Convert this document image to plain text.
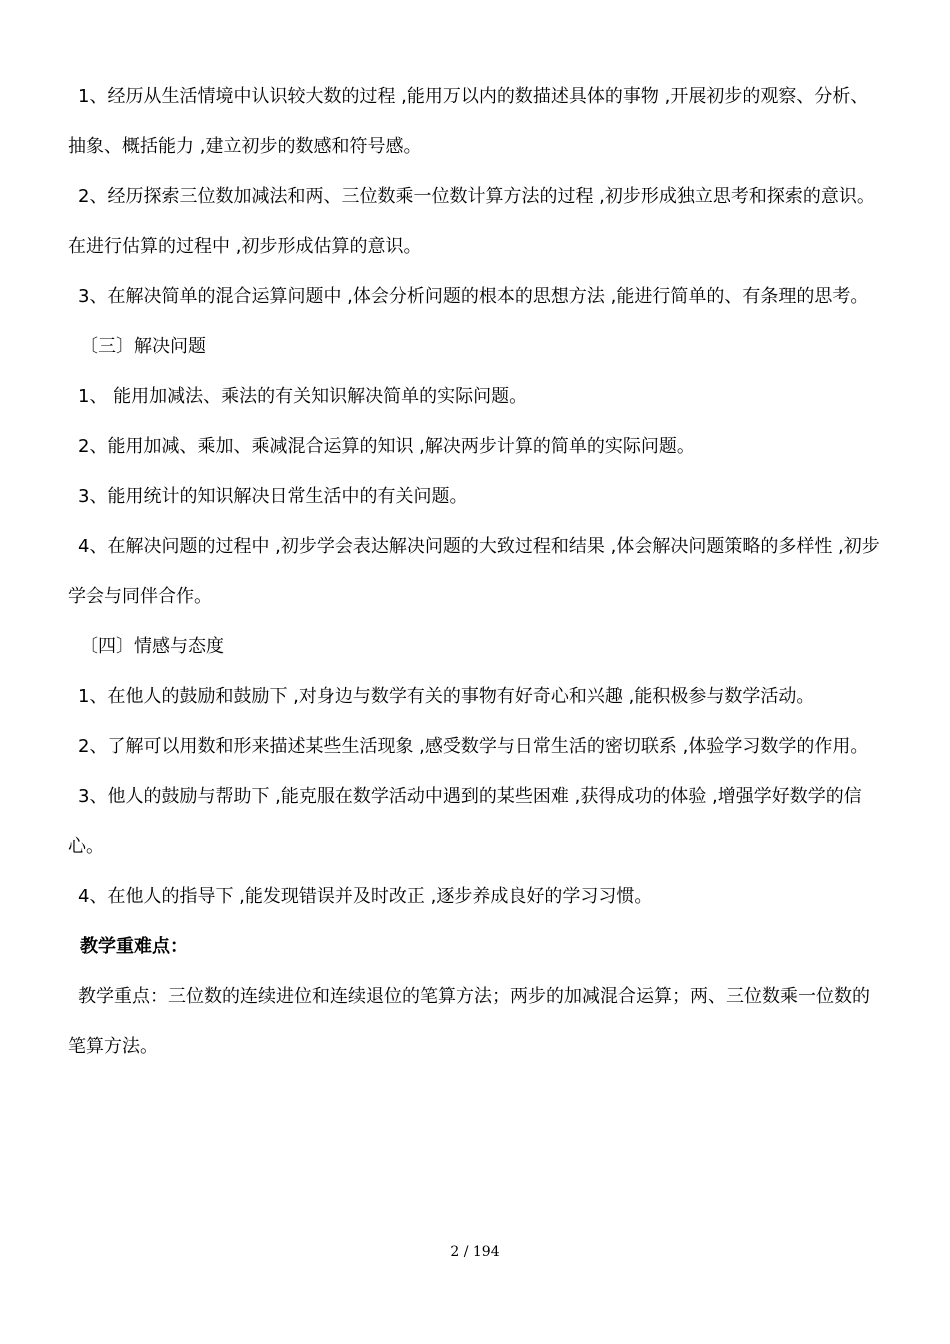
1、经历从生活情境中认识较大数的过程 ,能用万以内的数描述具体的事物 ,开展初步的观察、分析、抽象、概括能力 ,建立初步的数感和符号感。

2、经历探索三位数加减法和两、三位数乘一位数计算方法的过程 ,初步形成独立思考和探索的意识。在进行估算的过程中 ,初步形成估算的意识。

3、在解决简单的混合运算问题中 ,体会分析问题的根本的思想方法 ,能进行简单的、有条理的思考。

〔三〕解决问题

1、 能用加减法、乘法的有关知识解决简单的实际问题。

2、能用加减、乘加、乘减混合运算的知识 ,解决两步计算的简单的实际问题。

3、能用统计的知识解决日常生活中的有关问题。

4、在解决问题的过程中 ,初步学会表达解决问题的大致过程和结果 ,体会解决问题策略的多样性 ,初步学会与同伴合作。

〔四〕情感与态度

1、在他人的鼓励和鼓励下 ,对身边与数学有关的事物有好奇心和兴趣 ,能积极参与数学活动。

2、了解可以用数和形来描述某些生活现象 ,感受数学与日常生活的密切联系 ,体验学习数学的作用。

3、他人的鼓励与帮助下 ,能克服在数学活动中遇到的某些困难 ,获得成功的体验 ,增强学好数学的信心。

4、在他人的指导下 ,能发现错误并及时改正 ,逐步养成良好的学习习惯。

教学重难点：

教学重点：三位数的连续进位和连续退位的笔算方法；两步的加减混合运算；两、三位数乘一位数的笔算方法。

2 / 194
